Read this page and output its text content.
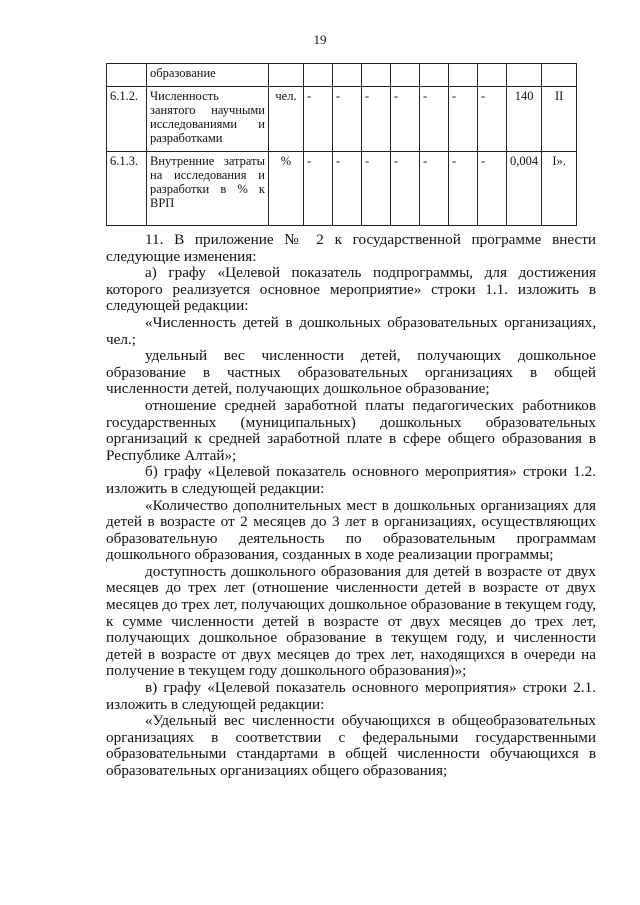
19
	образование										
6.1.2.	Численность занятого научными исследованиями и разработками	чел.	-	-	-	-	-	-	-	140	II
6.1.3.	Внутренние затраты на исследования и разработки в % к ВРП	%	-	-	-	-	-	-	-	0,004	I».

11. В приложение № 2 к государственной программе внести следующие изменения:

а) графу «Целевой показатель подпрограммы, для достижения которого реализуется основное мероприятие» строки 1.1. изложить в следующей редакции:

«Численность детей в дошкольных образовательных организациях, чел.;

удельный вес численности детей, получающих дошкольное образование в частных образовательных организациях в общей численности детей, получающих дошкольное образование;

отношение средней заработной платы педагогических работников государственных (муниципальных) дошкольных образовательных организаций к средней заработной плате в сфере общего образования в Республике Алтай»;

б) графу «Целевой показатель основного мероприятия» строки 1.2. изложить в следующей редакции:

«Количество дополнительных мест в дошкольных организациях для детей в возрасте от 2 месяцев до 3 лет в организациях, осуществляющих образовательную деятельность по образовательным программам дошкольного образования, созданных в ходе реализации программы;

доступность дошкольного образования для детей в возрасте от двух месяцев до трех лет (отношение численности детей в возрасте от двух месяцев до трех лет, получающих дошкольное образование в текущем году, к сумме численности детей в возрасте от двух месяцев до трех лет, получающих дошкольное образование в текущем году, и численности детей в возрасте от двух месяцев до трех лет, находящихся в очереди на получение в текущем году дошкольного образования)»;

в) графу «Целевой показатель основного мероприятия» строки 2.1. изложить в следующей редакции:

«Удельный вес численности обучающихся в общеобразовательных организациях в соответствии с федеральными государственными образовательными стандартами в общей численности обучающихся в образовательных организациях общего образования;
